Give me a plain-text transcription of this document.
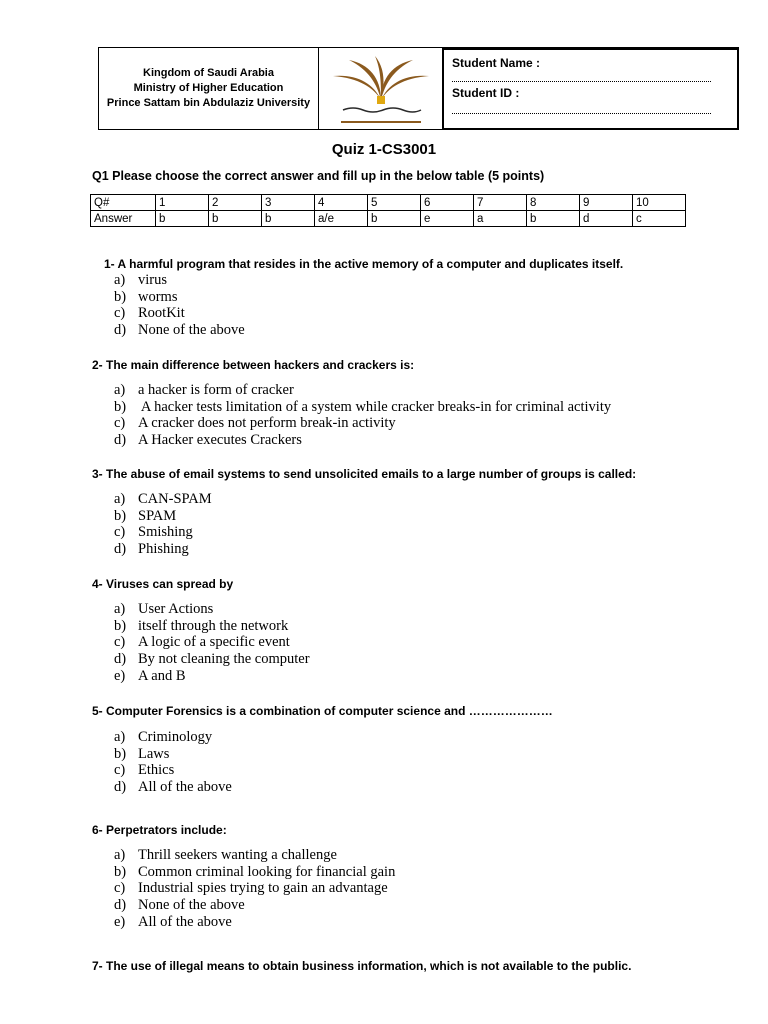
Kingdom of Saudi Arabia
Ministry of Higher Education
Prince Sattam bin Abdulaziz University
Student Name :
Student ID :
Quiz 1-CS3001
Q1 Please choose the correct answer and fill up in the below table (5 points)
Q#	1	2	3	4	5	6	7	8	9	10
Answer	b	b	b	a/e	b	e	a	b	d	c
1- A harmful program that resides in the active memory of a computer and duplicates itself.
a) virus
b) worms
c) RootKit
d) None of the above
2- The main difference between hackers and crackers is:
a) a hacker is form of cracker
b) A hacker tests limitation of a system while cracker breaks-in for criminal activity
c) A cracker does not perform break-in activity
d) A Hacker executes Crackers
3- The abuse of email systems to send unsolicited emails to a large number of groups is called:
a) CAN-SPAM
b) SPAM
c) Smishing
d) Phishing
4- Viruses can spread by
a) User Actions
b) itself through the network
c) A logic of a specific event
d) By not cleaning the computer
e) A and B
5- Computer Forensics is a combination of computer science and …………………
a) Criminology
b) Laws
c) Ethics
d) All of the above
6- Perpetrators include:
a) Thrill seekers wanting a challenge
b) Common criminal looking for financial gain
c) Industrial spies trying to gain an advantage
d) None of the above
e) All of the above
7- The use of illegal means to obtain business information, which is not available to the public.
